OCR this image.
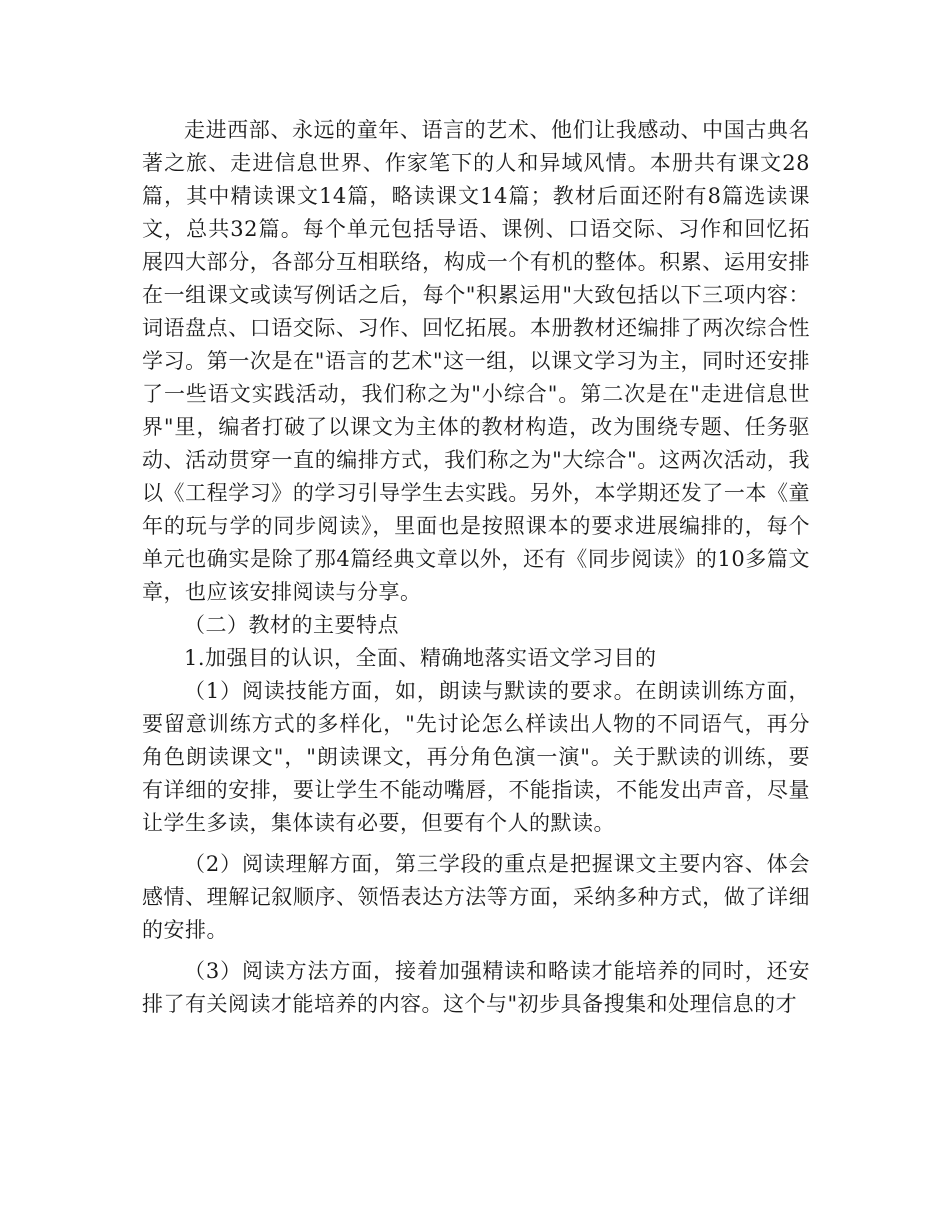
走进西部、永远的童年、语言的艺术、他们让我感动、中国古典名著之旅、走进信息世界、作家笔下的人和异域风情。本册共有课文28篇，其中精读课文14篇，略读课文14篇；教材后面还附有8篇选读课文，总共32篇。每个单元包括导语、课例、口语交际、习作和回忆拓展四大部分，各部分互相联络，构成一个有机的整体。积累、运用安排在一组课文或读写例话之后，每个"积累运用"大致包括以下三项内容：词语盘点、口语交际、习作、回忆拓展。本册教材还编排了两次综合性学习。第一次是在"语言的艺术"这一组，以课文学习为主，同时还安排了一些语文实践活动，我们称之为"小综合"。第二次是在"走进信息世界"里，编者打破了以课文为主体的教材构造，改为围绕专题、任务驱动、活动贯穿一直的编排方式，我们称之为"大综合"。这两次活动，我以《工程学习》的学习引导学生去实践。另外，本学期还发了一本《童年的玩与学的同步阅读》，里面也是按照课本的要求进展编排的，每个单元也确实是除了那4篇经典文章以外，还有《同步阅读》的10多篇文章，也应该安排阅读与分享。

（二）教材的主要特点

1.加强目的认识，全面、精确地落实语文学习目的

（1）阅读技能方面，如，朗读与默读的要求。在朗读训练方面，要留意训练方式的多样化，"先讨论怎么样读出人物的不同语气，再分角色朗读课文"，"朗读课文，再分角色演一演"。关于默读的训练，要有详细的安排，要让学生不能动嘴唇，不能指读，不能发出声音，尽量让学生多读，集体读有必要，但要有个人的默读。

（2）阅读理解方面，第三学段的重点是把握课文主要内容、体会感情、理解记叙顺序、领悟表达方法等方面，采纳多种方式，做了详细的安排。

（3）阅读方法方面，接着加强精读和略读才能培养的同时，还安排了有关阅读才能培养的内容。这个与"初步具备搜集和处理信息的才
